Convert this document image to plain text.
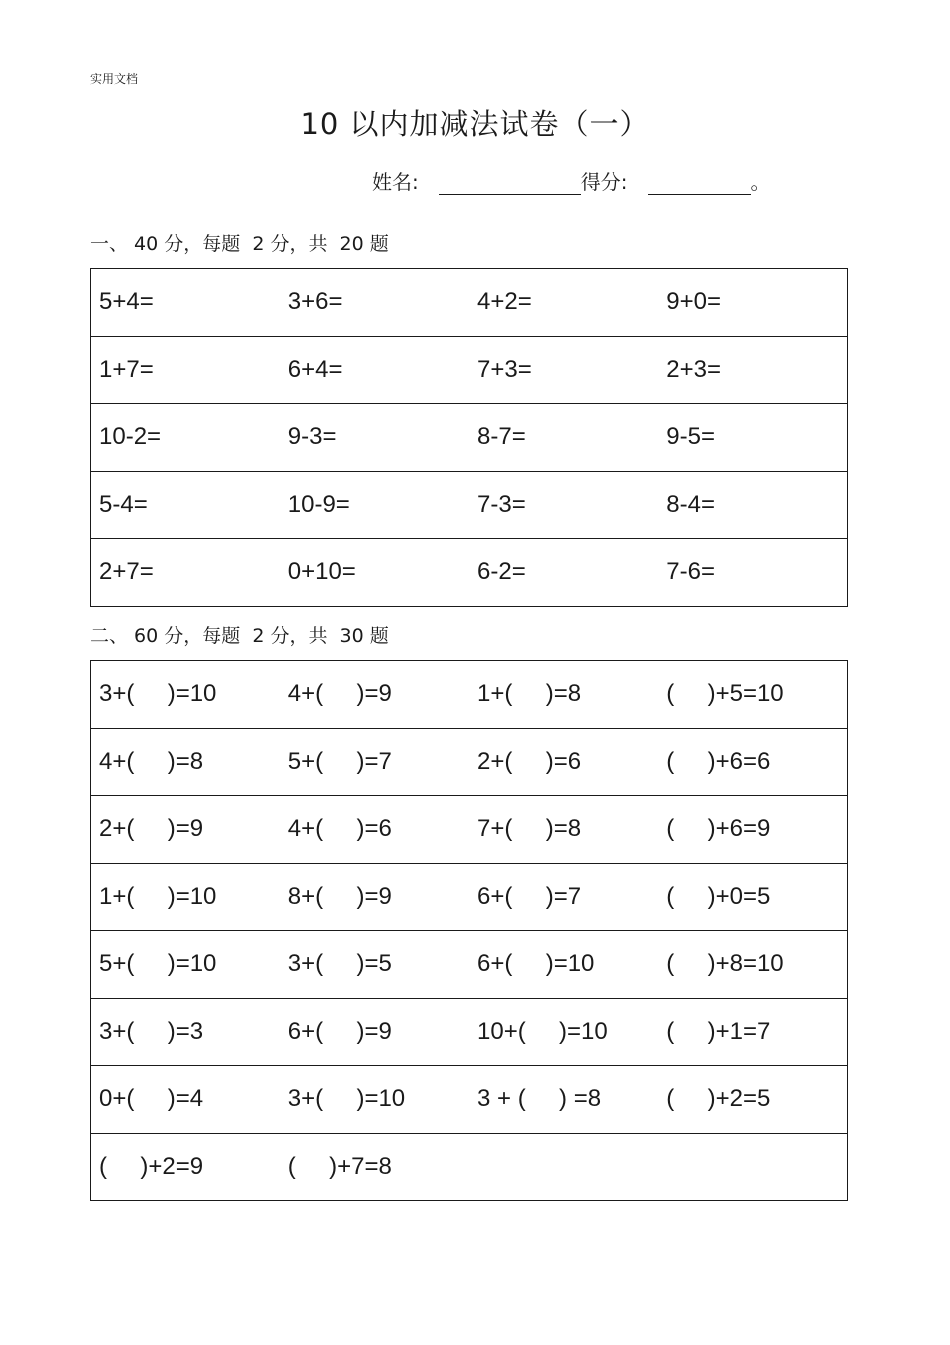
实用文档
10 以内加减法试卷（一）
姓名:	得分:	。
一、 40 分，每题  2 分，共  20 题
5+4=	3+6=	4+2=	9+0=
1+7=	6+4=	7+3=	2+3=
10-2=	9-3=	8-7=	9-5=
5-4=	10-9=	7-3=	8-4=
2+7=	0+10=	6-2=	7-6=
二、 60 分，每题  2 分，共  30 题
3+(     )=10	4+(     )=9	1+(     )=8	(     )+5=10
4+(     )=8	5+(     )=7	2+(     )=6	(     )+6=6
2+(     )=9	4+(     )=6	7+(     )=8	(     )+6=9
1+(     )=10	8+(     )=9	6+(     )=7	(     )+0=5
5+(     )=10	3+(     )=5	6+(     )=10	(     )+8=10
3+(     )=3	6+(     )=9	10+(     )=10	(     )+1=7
0+(     )=4	3+(     )=10	3 + (     ) =8	(     )+2=5
(     )+2=9	(     )+7=8		
